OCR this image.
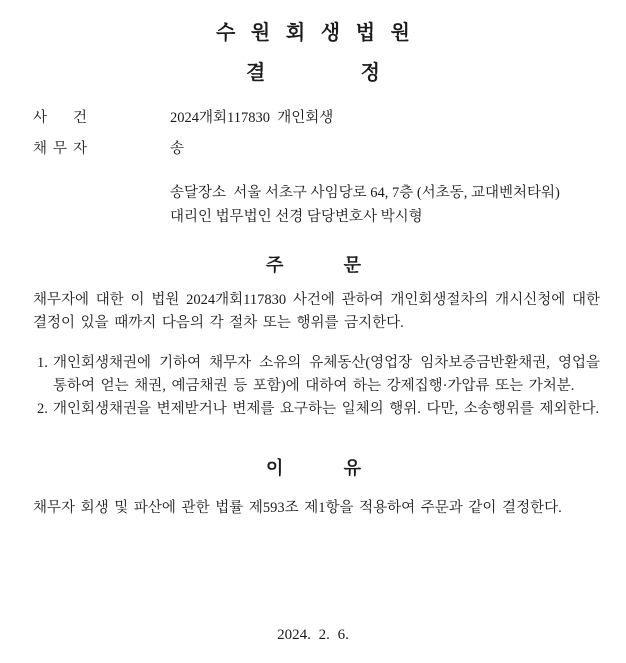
수 원 회 생 법 원
결 정
사 건	2024개회117830  개인회생
채 무 자	송
송달장소  서울 서초구 사임당로 64, 7층 (서초동, 교대벤처타워)
대리인 법무법인 선경 담당변호사 박시형
주 문

채무자에 대한 이 법원 2024개회117830 사건에 관하여 개인회생절차의 개시신청에 대한 결정이 있을 때까지 다음의 각 절차 또는 행위를 금지한다.

1. 개인회생채권에 기하여 채무자 소유의 유체동산(영업장 임차보증금반환채권, 영업을 통하여 얻는 채권, 예금채권 등 포함)에 대하여 하는 강제집행·가압류 또는 가처분.
2. 개인회생채권을 변제받거나 변제를 요구하는 일체의 행위. 다만, 소송행위를 제외한다.
이 유

채무자 회생 및 파산에 관한 법률 제593조 제1항을 적용하여 주문과 같이 결정한다.

2024. 2. 6.
